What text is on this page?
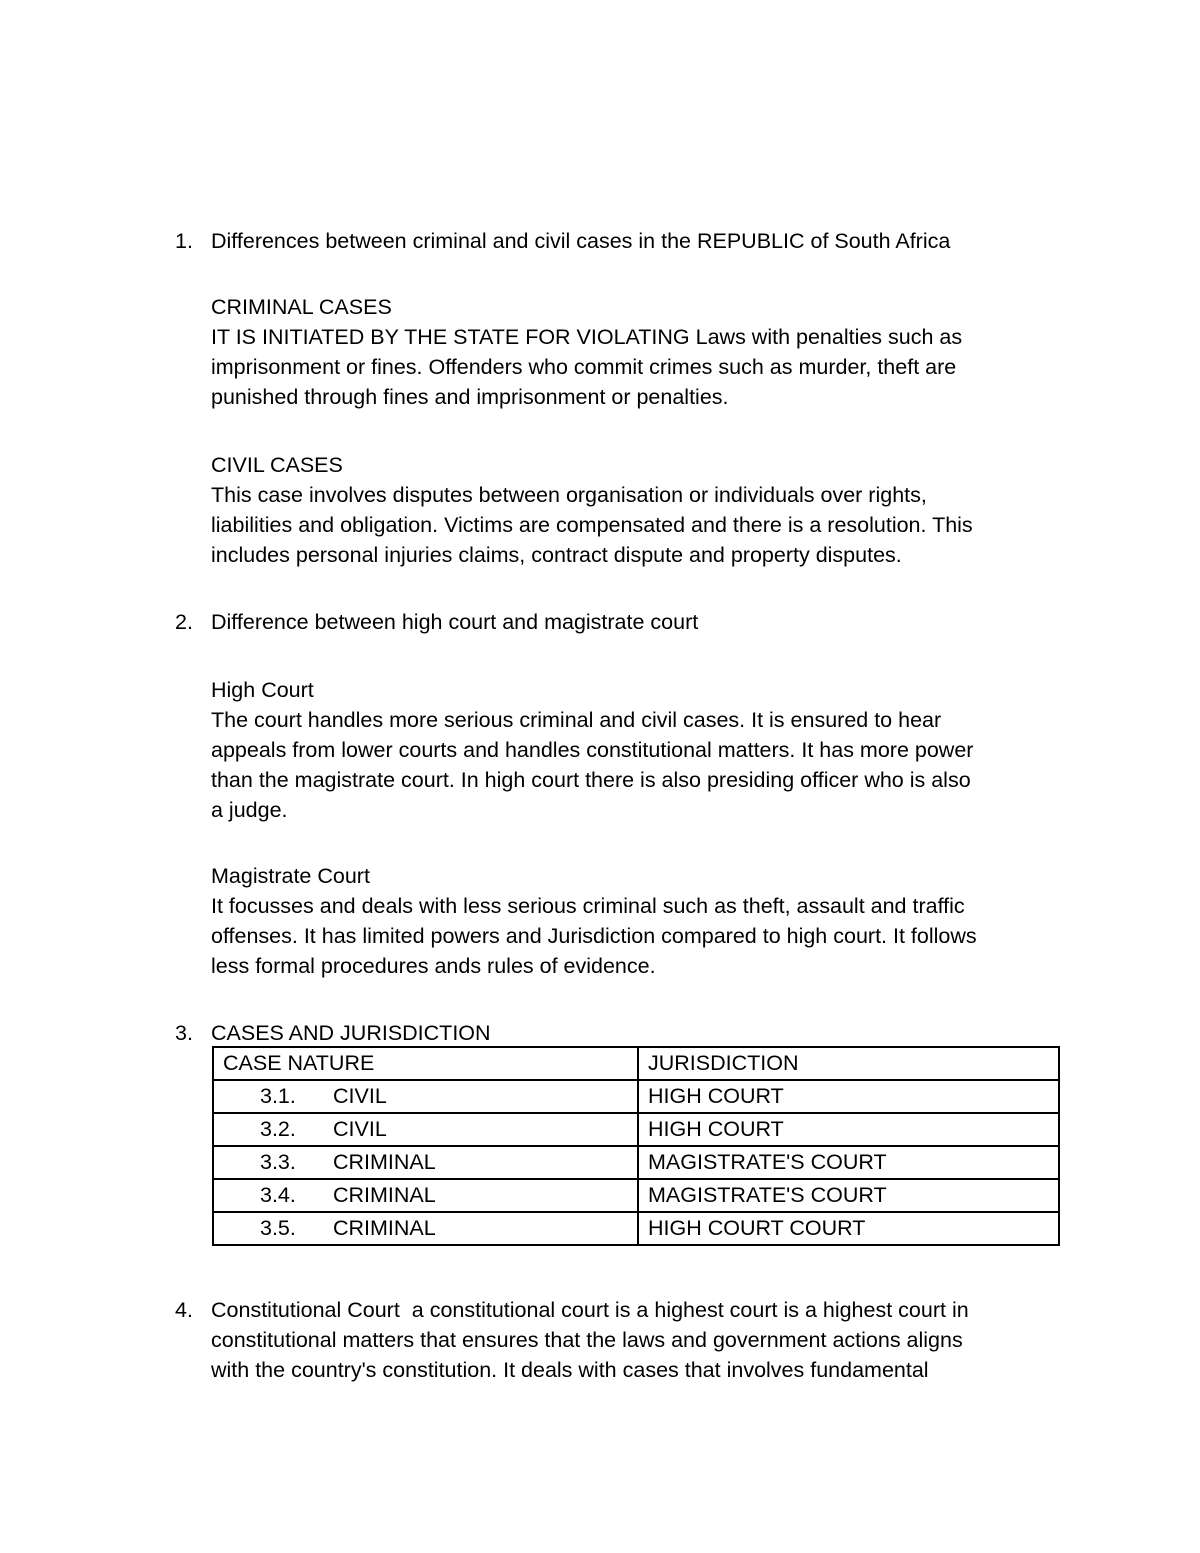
1. Differences between criminal and civil cases in the REPUBLIC of South Africa

CRIMINAL CASES

IT IS INITIATED BY THE STATE FOR VIOLATING Laws with penalties such as

imprisonment or fines. Offenders who commit crimes such as murder, theft are

punished through fines and imprisonment or penalties.

CIVIL CASES

This case involves disputes between organisation or individuals over rights,

liabilities and obligation. Victims are compensated and there is a resolution. This

includes personal injuries claims, contract dispute and property disputes.

2. Difference between high court and magistrate court

High Court

The court handles more serious criminal and civil cases. It is ensured to hear

appeals from lower courts and handles constitutional matters. It has more power

than the magistrate court. In high court there is also presiding officer who is also

a judge.

Magistrate Court

It focusses and deals with less serious criminal such as theft, assault and traffic

offenses. It has limited powers and Jurisdiction compared to high court. It follows

less formal procedures ands rules of evidence.

3. CASES AND JURISDICTION

CASE NATURE	JURISDICTION
3.1. CIVIL	HIGH COURT
3.2. CIVIL	HIGH COURT
3.3. CRIMINAL	MAGISTRATE'S COURT
3.4. CRIMINAL	MAGISTRATE'S COURT
3.5. CRIMINAL	HIGH COURT COURT
4. Constitutional Court  a constitutional court is a highest court is a highest court in

constitutional matters that ensures that the laws and government actions aligns

with the country's constitution. It deals with cases that involves fundamental
